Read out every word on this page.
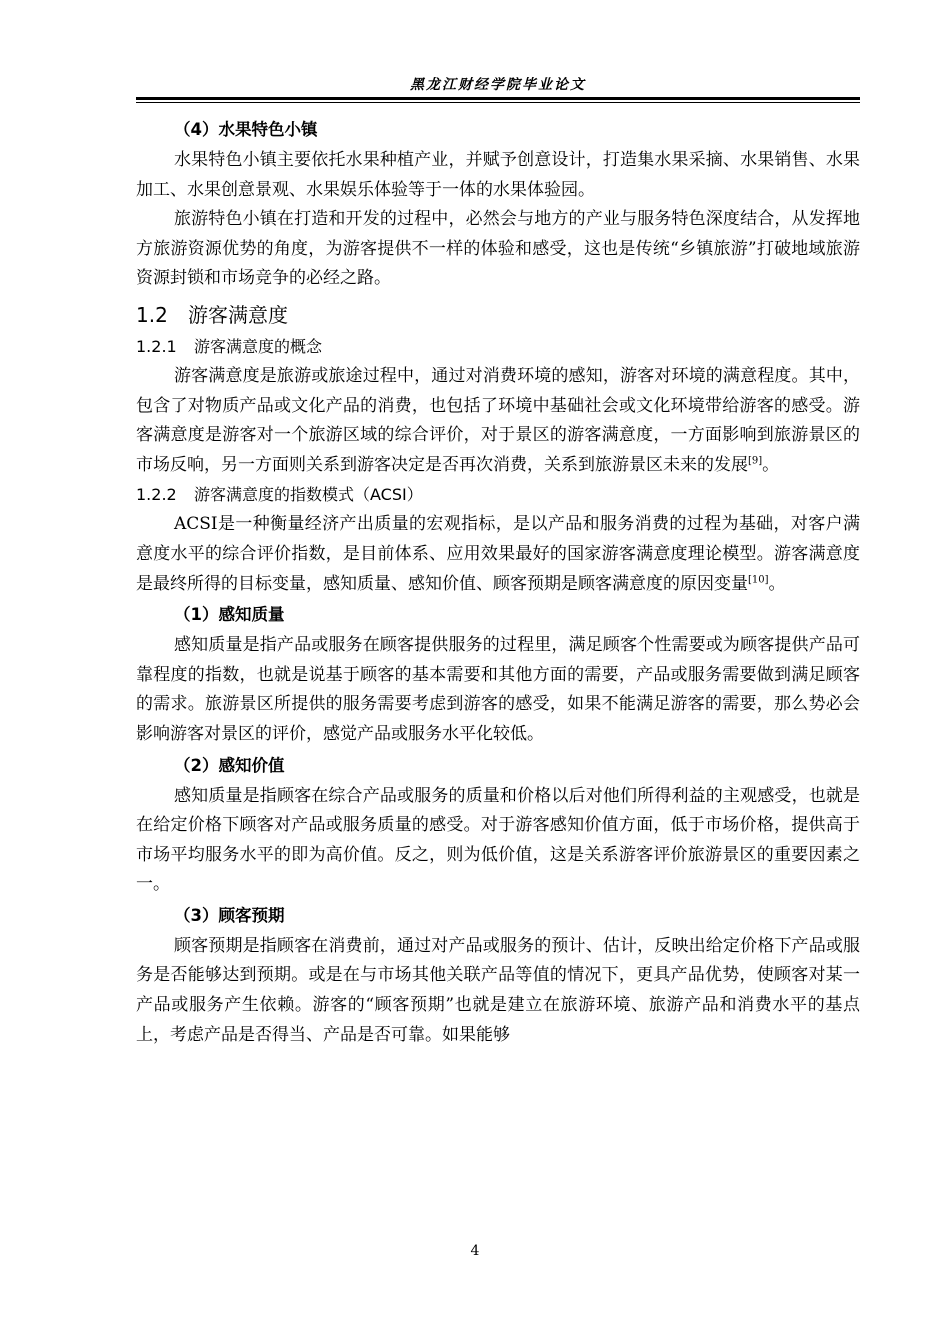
黑龙江财经学院毕业论文
（4）水果特色小镇

水果特色小镇主要依托水果种植产业，并赋予创意设计，打造集水果采摘、水果销售、水果加工、水果创意景观、水果娱乐体验等于一体的水果体验园。

旅游特色小镇在打造和开发的过程中，必然会与地方的产业与服务特色深度结合，从发挥地方旅游资源优势的角度，为游客提供不一样的体验和感受，这也是传统“乡镇旅游”打破地域旅游资源封锁和市场竞争的必经之路。

1.2 游客满意度
1.2.1 游客满意度的概念

游客满意度是旅游或旅途过程中，通过对消费环境的感知，游客对环境的满意程度。其中，包含了对物质产品或文化产品的消费，也包括了环境中基础社会或文化环境带给游客的感受。游客满意度是游客对一个旅游区域的综合评价，对于景区的游客满意度，一方面影响到旅游景区的市场反响，另一方面则关系到游客决定是否再次消费，关系到旅游景区未来的发展[9]。

1.2.2 游客满意度的指数模式（ACSI）

ACSI是一种衡量经济产出质量的宏观指标，是以产品和服务消费的过程为基础，对客户满意度水平的综合评价指数，是目前体系、应用效果最好的国家游客满意度理论模型。游客满意度是最终所得的目标变量，感知质量、感知价值、顾客预期是顾客满意度的原因变量[10]。

（1）感知质量

感知质量是指产品或服务在顾客提供服务的过程里，满足顾客个性需要或为顾客提供产品可靠程度的指数，也就是说基于顾客的基本需要和其他方面的需要，产品或服务需要做到满足顾客的需求。旅游景区所提供的服务需要考虑到游客的感受，如果不能满足游客的需要，那么势必会影响游客对景区的评价，感觉产品或服务水平化较低。

（2）感知价值

感知质量是指顾客在综合产品或服务的质量和价格以后对他们所得利益的主观感受，也就是在给定价格下顾客对产品或服务质量的感受。对于游客感知价值方面，低于市场价格，提供高于市场平均服务水平的即为高价值。反之，则为低价值，这是关系游客评价旅游景区的重要因素之一。

（3）顾客预期

顾客预期是指顾客在消费前，通过对产品或服务的预计、估计，反映出给定价格下产品或服务是否能够达到预期。或是在与市场其他关联产品等值的情况下，更具产品优势，使顾客对某一产品或服务产生依赖。游客的“顾客预期”也就是建立在旅游环境、旅游产品和消费水平的基点上，考虑产品是否得当、产品是否可靠。如果能够

4
